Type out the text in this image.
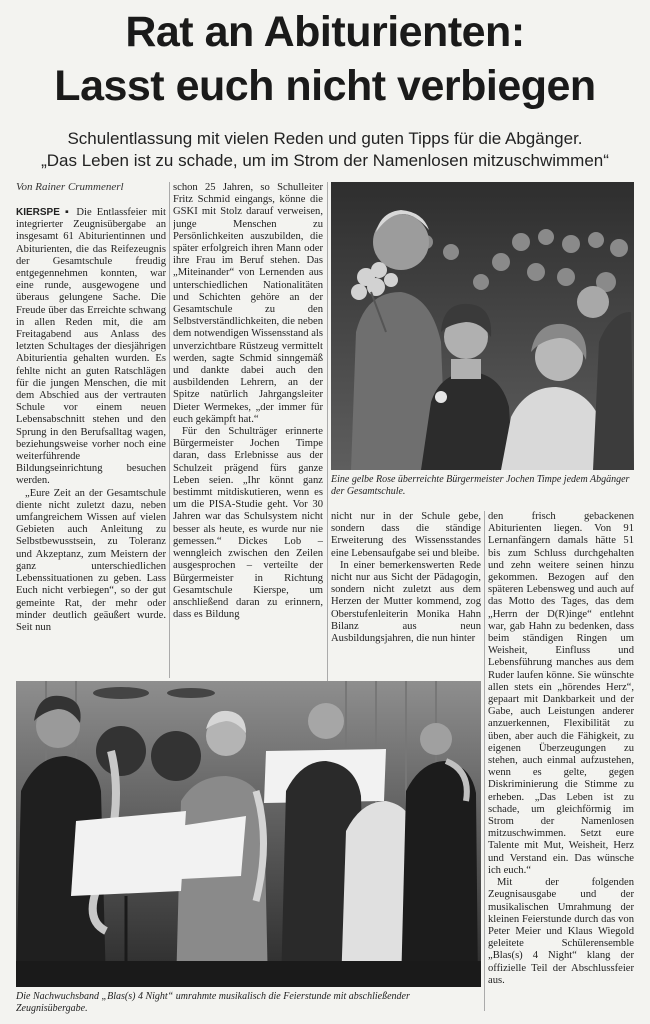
Rat an Abiturienten:
Lasst euch nicht verbiegen
Schulentlassung mit vielen Reden und guten Tipps für die Abgänger.
„Das Leben ist zu schade, um im Strom der Namenlosen mitzuschwimmen“
Von Rainer Crummenerl

KIERSPE ▪ Die Entlassfeier mit integrierter Zeugnisübergabe an insgesamt 61 Abiturientinnen und Abiturienten, die das Reifezeugnis der Gesamtschule freudig entgegennehmen konnten, war eine runde, ausgewogene und überaus gelungene Sache. Die Freude über das Erreichte schwang in allen Reden mit, die am Freitagabend aus Anlass des letzten Schultages der diesjährigen Abiturientia gehalten wurden. Es fehlte nicht an guten Ratschlägen für die jungen Menschen, die mit dem Abschied aus der vertrauten Schule vor einem neuen Lebensabschnitt stehen und den Sprung in den Berufsalltag wagen, beziehungsweise vorher noch eine weiterführende Bildungseinrichtung besuchen werden.

„Eure Zeit an der Gesamtschule diente nicht zuletzt dazu, neben umfangreichem Wissen auf vielen Gebieten auch Anleitung zu Selbstbewusstsein, zu Toleranz und Akzeptanz, zum Meistern der ganz unterschiedlichen Lebenssituationen zu geben. Lass Euch nicht verbiegen“, so der gut gemeinte Rat, der mehr oder minder deutlich geäußert wurde. Seit nun

schon 25 Jahren, so Schulleiter Fritz Schmid eingangs, könne die GSKI mit Stolz darauf verweisen, junge Menschen zu Persönlichkeiten auszubilden, die später erfolgreich ihren Mann oder ihre Frau im Beruf stehen. Das „Miteinander“ von Lernenden aus unterschiedlichen Nationalitäten und Schichten gehöre an der Gesamtschule zu den Selbstverständlichkeiten, die neben dem notwendigen Wissensstand als unverzichtbare Rüstzeug vermittelt werden, sagte Schmid sinngemäß und dankte dabei auch den ausbildenden Lehrern, an der Spitze natürlich Jahrgangsleiter Dieter Wermekes, „der immer für euch gekämpft hat.“

Für den Schulträger erinnerte Bürgermeister Jochen Timpe daran, dass Erlebnisse aus der Schulzeit prägend fürs ganze Leben seien. „Ihr könnt ganz bestimmt mitdiskutieren, wenn es um die PISA-Studie geht. Vor 30 Jahren war das Schulsystem nicht besser als heute, es wurde nur nie gemessen.“ Dickes Lob – wenngleich zwischen den Zeilen ausgesprochen – verteilte der Bürgermeister in Richtung Gesamtschule Kierspe, um anschließend daran zu erinnern, dass es Bildung

Eine gelbe Rose überreichte Bürgermeister Jochen Timpe jedem Abgänger der Gesamtschule.

nicht nur in der Schule gebe, sondern dass die ständige Erweiterung des Wissensstandes eine Lebensaufgabe sei und bleibe.

In einer bemerkenswerten Rede nicht nur aus Sicht der Pädagogin, sondern nicht zuletzt aus dem Herzen der Mutter kommend, zog Oberstufenleiterin Monika Hahn Bilanz aus neun Ausbildungsjahren, die nun hinter

den frisch gebackenen Abiturienten liegen. Von 91 Lernanfängern damals hätte 51 bis zum Schluss durchgehalten und zehn weitere seinen hinzu gekommen. Bezogen auf den späteren Lebensweg und auch auf das Motto des Tages, das dem „Herrn der D(R)inge“ entlehnt war, gab Hahn zu bedenken, dass beim ständigen Ringen um Weisheit, Einfluss und Lebensführung manches aus dem Ruder laufen könne. Sie wünschte allen stets ein „hörendes Herz“, gepaart mit Dankbarkeit und der Gabe, auch Leistungen anderer anzuerkennen, Flexibilität zu üben, aber auch die Fähigkeit, zu eigenen Überzeugungen zu stehen, auch einmal aufzustehen, wenn es gelte, gegen Diskriminierung die Stimme zu erheben. „Das Leben ist zu schade, um gleichförmig im Strom der Namenlosen mitzuschwimmen. Setzt eure Talente mit Mut, Weisheit, Herz und Verstand ein. Das wünsche ich euch.“

Mit der folgenden Zeugnisausgabe und der musikalischen Umrahmung der kleinen Feierstunde durch das von Peter Meier und Klaus Wiegold geleitete Schülerensemble „Blas(s) 4 Night“ klang der offizielle Teil der Abschlussfeier aus.

Die Nachwuchsband „Blas(s) 4 Night“ umrahmte musikalisch die Feierstunde mit abschließender Zeugnisübergabe.
